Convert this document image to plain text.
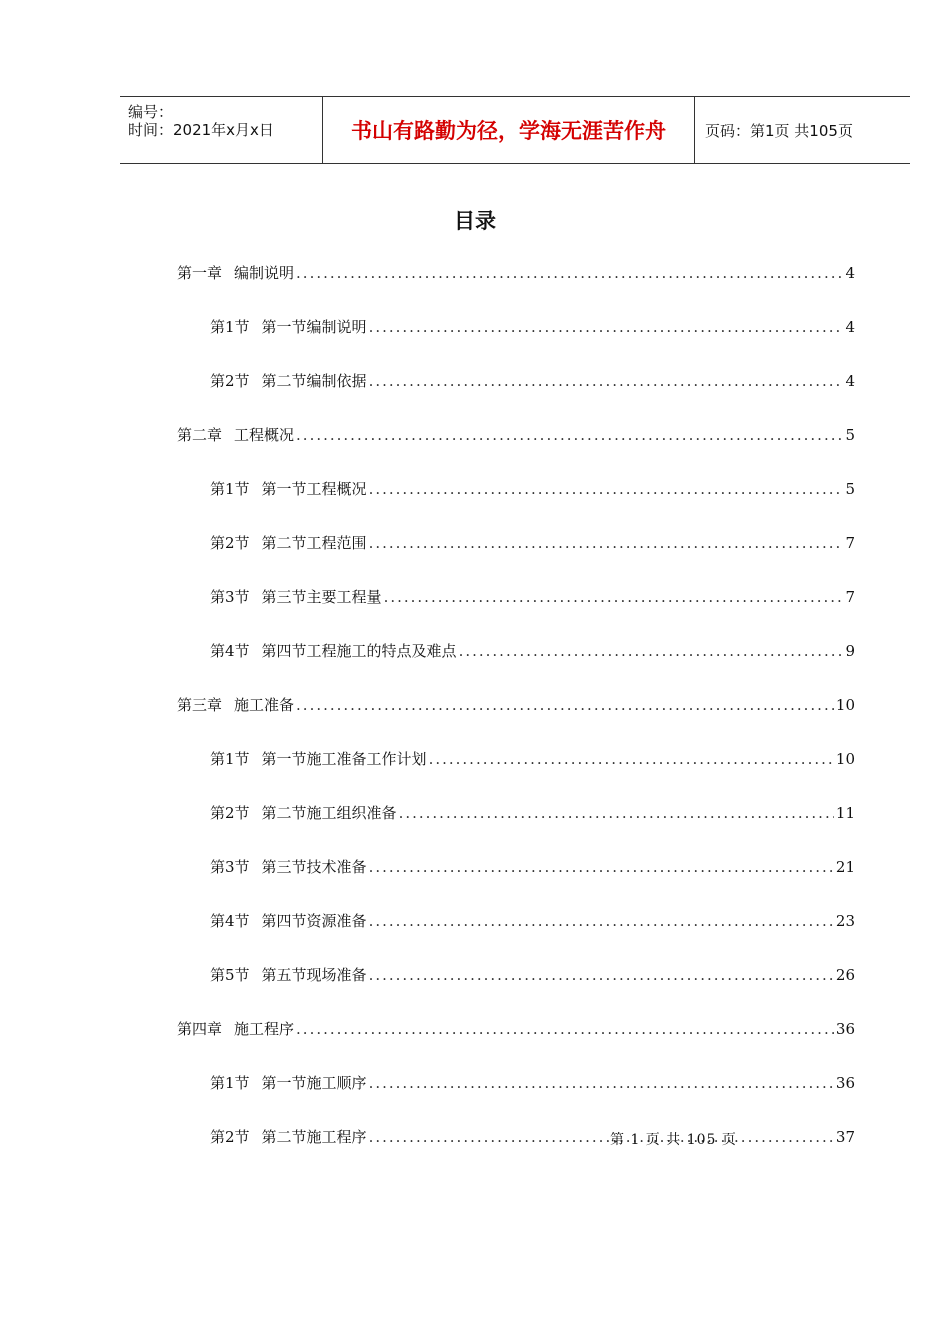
编号：
时间：2021年x月x日	书山有路勤为径，学海无涯苦作舟	页码：第1页 共105页
目录
第一章 编制说明 .....	4
第1节 第一节编制说明 .....	4
第2节 第二节编制依据 .....	4
第二章 工程概况 .....	5
第1节 第一节工程概况 .....	5
第2节 第二节工程范围 .....	7
第3节 第三节主要工程量 .....	7
第4节 第四节工程施工的特点及难点 .....	9
第三章 施工准备 .....	10
第1节 第一节施工准备工作计划 .....	10
第2节 第二节施工组织准备 .....	11
第3节 第三节技术准备 .....	21
第4节 第四节资源准备 .....	23
第5节 第五节现场准备 .....	26
第四章 施工程序 .....	36
第1节 第一节施工顺序 .....	36
第2节 第二节施工程序 .....	37
第 1 页 共 105 页
